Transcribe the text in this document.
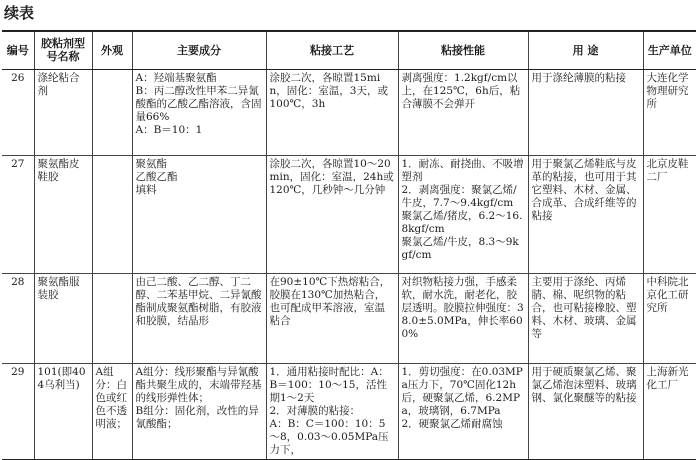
续表
编号	胶粘剂型号名称	外观	主要成分	粘接工艺	粘接性能	用 途	生产单位
26	涤纶粘合剂		A：羟端基聚氨酯
B：丙二醇改性甲苯二异氰酸酯的乙酸乙酯溶液，含固量66%
A：B＝10：1	涂胶二次，各晾置15min，固化：室温，3天，或100℃，3h	剥离强度：1.2kgf/cm以上，在125℃，6h后，粘合薄膜不会弹开	用于涤纶薄膜的粘接	大连化学物理研究所
27	聚氨酯皮鞋胶		聚氨酯
乙酸乙酯
填料	涂胶二次，各晾置10～20min，固化：室温，24h或120℃，几秒钟～几分钟	1．耐冻、耐挠曲、不吸增塑剂
2．剥离强度：聚氯乙烯/牛皮，7.7～9.4kgf/cm
聚氯乙烯/猪皮，6.2～16.8kgf/cm
聚氯乙烯/牛皮，8.3～9kgf/cm	用于聚氯乙烯鞋底与皮革的粘接，也可用于其它塑料、木材、金属、合成革、合成纤维等的粘接	北京皮鞋二厂
28	聚氨酯服装胶		由己二酸、乙二醇、丁二醇、二苯基甲烷、二异氰酸酯制成聚氨酯树脂，有胶液和胶膜，结晶形	在90±10℃下热熔粘合，胶膜在130℃加热粘合，也可配成甲苯溶液，室温粘合	对织物粘接力强，手感柔软，耐水洗，耐老化，胶层透明。胶膜拉伸强度：38.0±5.0MPa，伸长率600%	主要用于涤纶、丙烯腈、棉、呢织物的粘合，也可粘接橡胶、塑料、木材、玻璃、金属等	中科院北京化工研究所
29	101(即404乌利当)	A组分：白色或红色不透明液；	A组分：线形聚酯与异氰酸酯共聚生成的，末端带羟基的线形弹性体；
B组分：固化剂，改性的异氰酸酯；	1．通用粘接时配比：A：B＝100：10～15，活性期1～2天
2．对薄膜的粘接：
A：B：C＝100：10：5～8，0.03～0.05MPa压力下，	1．剪切强度：在0.03MPa压力下，70℃固化12h后，硬聚氯乙烯，6.2MPa，玻璃钢，6.7MPa
2．硬聚氯乙烯耐腐蚀	用于硬质聚氯乙烯、聚氯乙烯泡沫塑料、玻璃钢、氯化聚醚等的粘接	上海新光化工厂
